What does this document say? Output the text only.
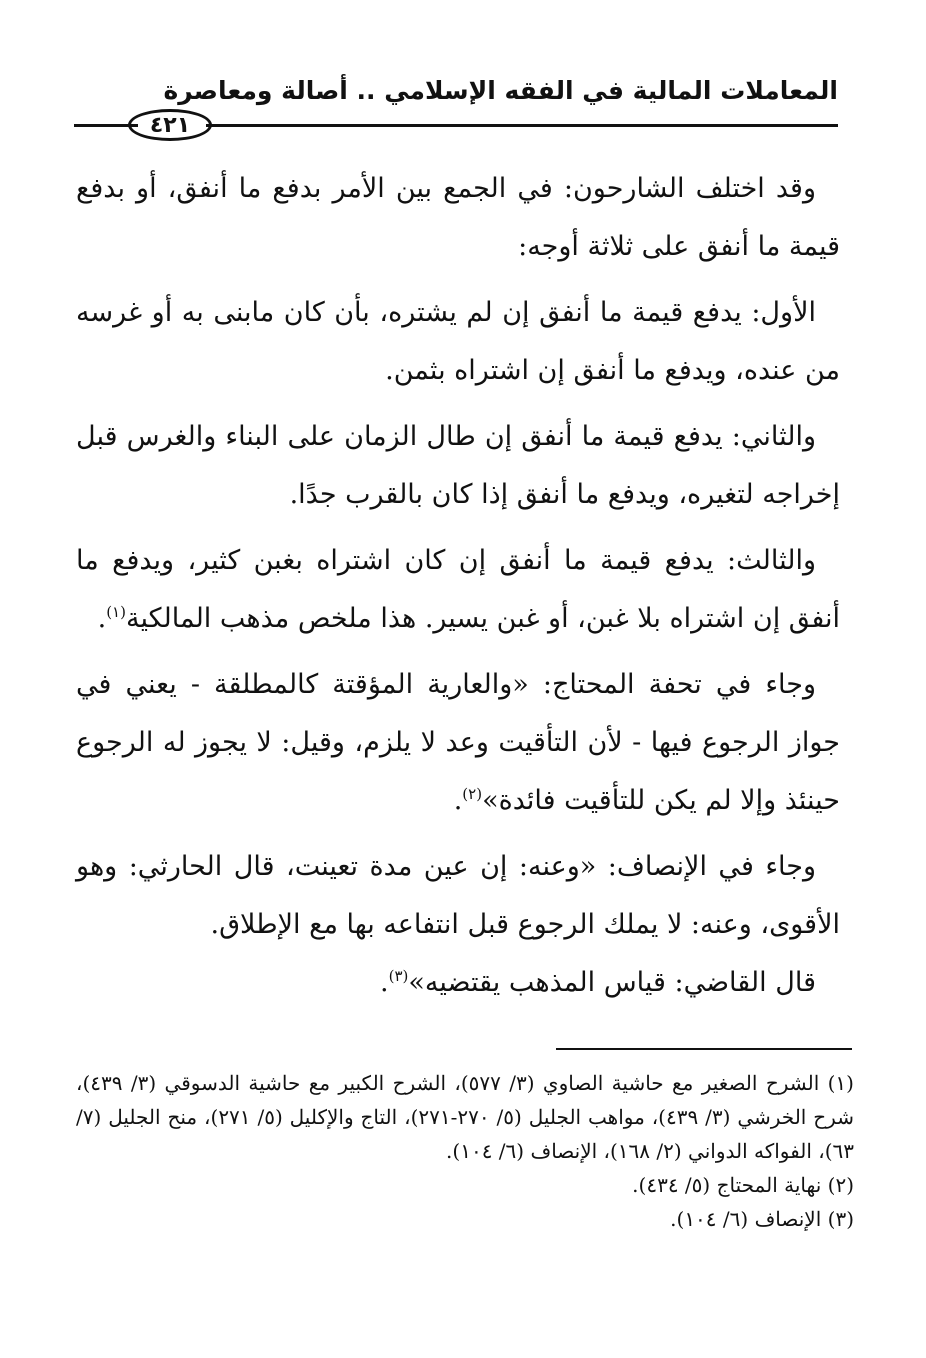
المعاملات المالية في الفقه الإسلامي .. أصالة ومعاصرة
٤٢١

وقد اختلف الشارحون: في الجمع بين الأمر بدفع ما أنفق، أو بدفع قيمة ما أنفق على ثلاثة أوجه:

الأول: يدفع قيمة ما أنفق إن لم يشتره، بأن كان مابنى به أو غرسه من عنده، ويدفع ما أنفق إن اشتراه بثمن.

والثاني: يدفع قيمة ما أنفق إن طال الزمان على البناء والغرس قبل إخراجه لتغيره، ويدفع ما أنفق إذا كان بالقرب جدًا.

والثالث: يدفع قيمة ما أنفق إن كان اشتراه بغبن كثير، ويدفع ما أنفق إن اشتراه بلا غبن، أو غبن يسير. هذا ملخص مذهب المالكية$^{(١)}$.

وجاء في تحفة المحتاج: «والعارية المؤقتة كالمطلقة - يعني في جواز الرجوع فيها - لأن التأقيت وعد لا يلزم، وقيل: لا يجوز له الرجوع حينئذ وإلا لم يكن للتأقيت فائدة»$^{(٢)}$.

وجاء في الإنصاف: «وعنه: إن عين مدة تعينت، قال الحارثي: وهو الأقوى، وعنه: لا يملك الرجوع قبل انتفاعه بها مع الإطلاق.

قال القاضي: قياس المذهب يقتضيه»$^{(٣)}$.

(١) الشرح الصغير مع حاشية الصاوي (٣/ ٥٧٧)، الشرح الكبير مع حاشية الدسوقي (٣/ ٤٣٩)، شرح الخرشي (٣/ ٤٣٩)، مواهب الجليل (٥/ ٢٧٠-٢٧١)، التاج والإكليل (٥/ ٢٧١)، منح الجليل (٧/ ٦٣)، الفواكه الدواني (٢/ ١٦٨)، الإنصاف (٦/ ١٠٤).

(٢) نهاية المحتاج (٥/ ٤٣٤).

(٣) الإنصاف (٦/ ١٠٤).
